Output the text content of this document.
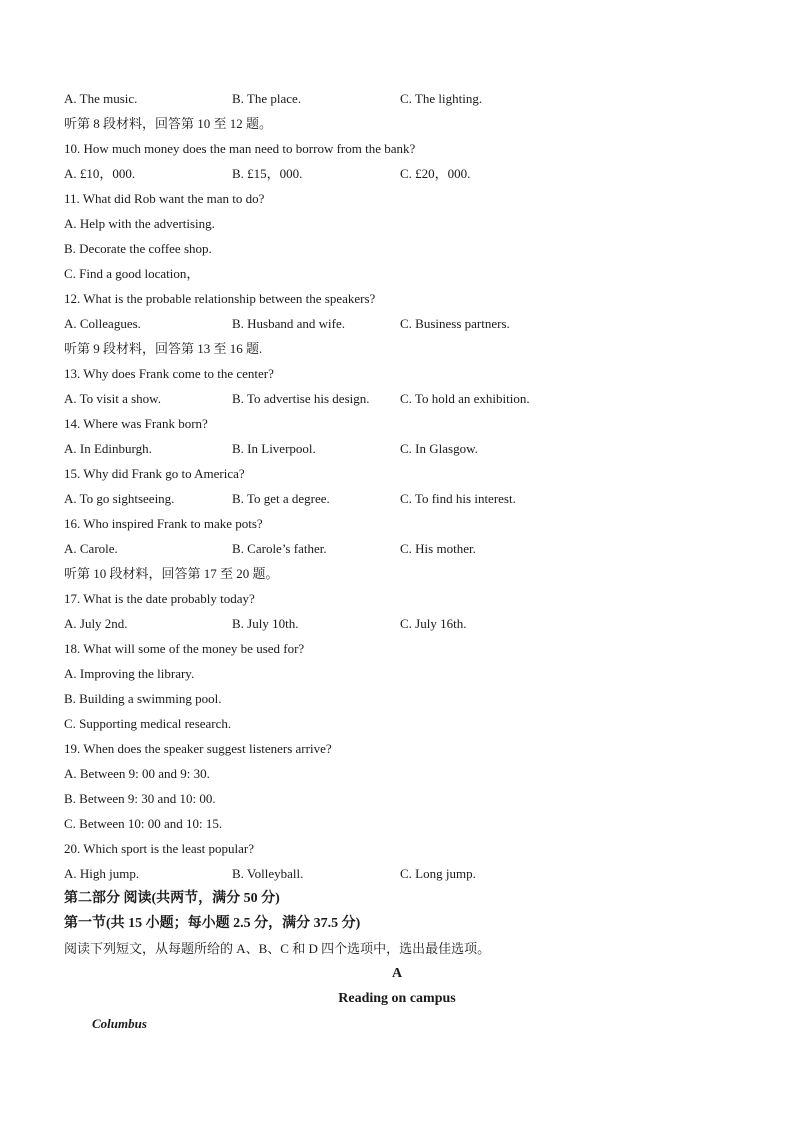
A. The music.	B. The place.	C. The lighting.
听第 8 段材料，回答第 10 至 12 题。
10. How much money does the man need to borrow from the bank?
A. £10，000.	B. £15，000.	C. £20，000.
11. What did Rob want the man to do?
A. Help with the advertising.
B. Decorate the coffee shop.
C. Find a good location，
12. What is the probable relationship between the speakers?
A. Colleagues.	B. Husband and wife.	C. Business partners.
听第 9 段材料，回答第 13 至 16 题.
13. Why does Frank come to the center?
A. To visit a show.	B. To advertise his design.	C. To hold an exhibition.
14. Where was Frank born?
A. In Edinburgh.	B. In Liverpool.	C. In Glasgow.
15. Why did Frank go to America?
A. To go sightseeing.	B. To get a degree.	C. To find his interest.
16. Who inspired Frank to make pots?
A. Carole.	B. Carole’s father.	C. His mother.
听第 10 段材料，回答第 17 至 20 题。
17. What is the date probably today?
A. July 2nd.	B. July 10th.	C. July 16th.
18. What will some of the money be used for?
A. Improving the library.
B. Building a swimming pool.
C. Supporting medical research.
19. When does the speaker suggest listeners arrive?
A. Between 9: 00 and 9: 30.
B. Between 9: 30 and 10: 00.
C. Between 10: 00 and 10: 15.
20. Which sport is the least popular?
A. High jump.	B. Volleyball.	C. Long jump.
第二部分 阅读(共两节，满分 50 分)
第一节(共 15 小题；每小题 2.5 分，满分 37.5 分)
阅读下列短文，从每题所给的 A、B、C 和 D 四个选项中，选出最佳选项。
A
Reading on campus
Columbus
